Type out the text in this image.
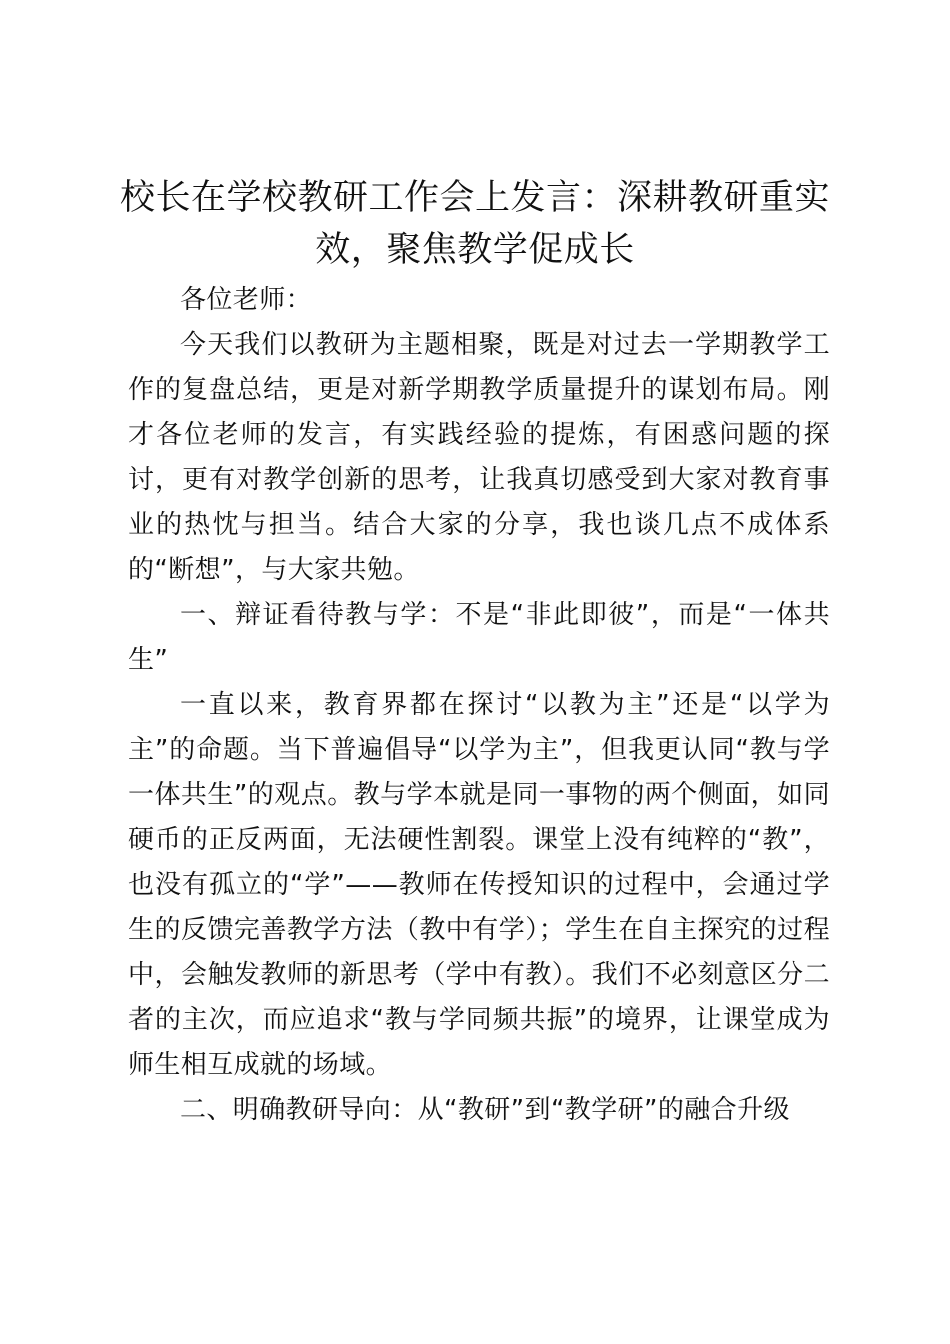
校长在学校教研工作会上发言：深耕教研重实效，聚焦教学促成长

各位老师：

今天我们以教研为主题相聚，既是对过去一学期教学工作的复盘总结，更是对新学期教学质量提升的谋划布局。刚才各位老师的发言，有实践经验的提炼，有困惑问题的探讨，更有对教学创新的思考，让我真切感受到大家对教育事业的热忱与担当。结合大家的分享，我也谈几点不成体系的“断想”，与大家共勉。

一、辩证看待教与学：不是“非此即彼”，而是“一体共生”

一直以来，教育界都在探讨“以教为主”还是“以学为主”的命题。当下普遍倡导“以学为主”，但我更认同“教与学一体共生”的观点。教与学本就是同一事物的两个侧面，如同硬币的正反两面，无法硬性割裂。课堂上没有纯粹的“教”，也没有孤立的“学”——教师在传授知识的过程中，会通过学生的反馈完善教学方法（教中有学）；学生在自主探究的过程中，会触发教师的新思考（学中有教）。我们不必刻意区分二者的主次，而应追求“教与学同频共振”的境界，让课堂成为师生相互成就的场域。

二、明确教研导向：从“教研”到“教学研”的融合升级
